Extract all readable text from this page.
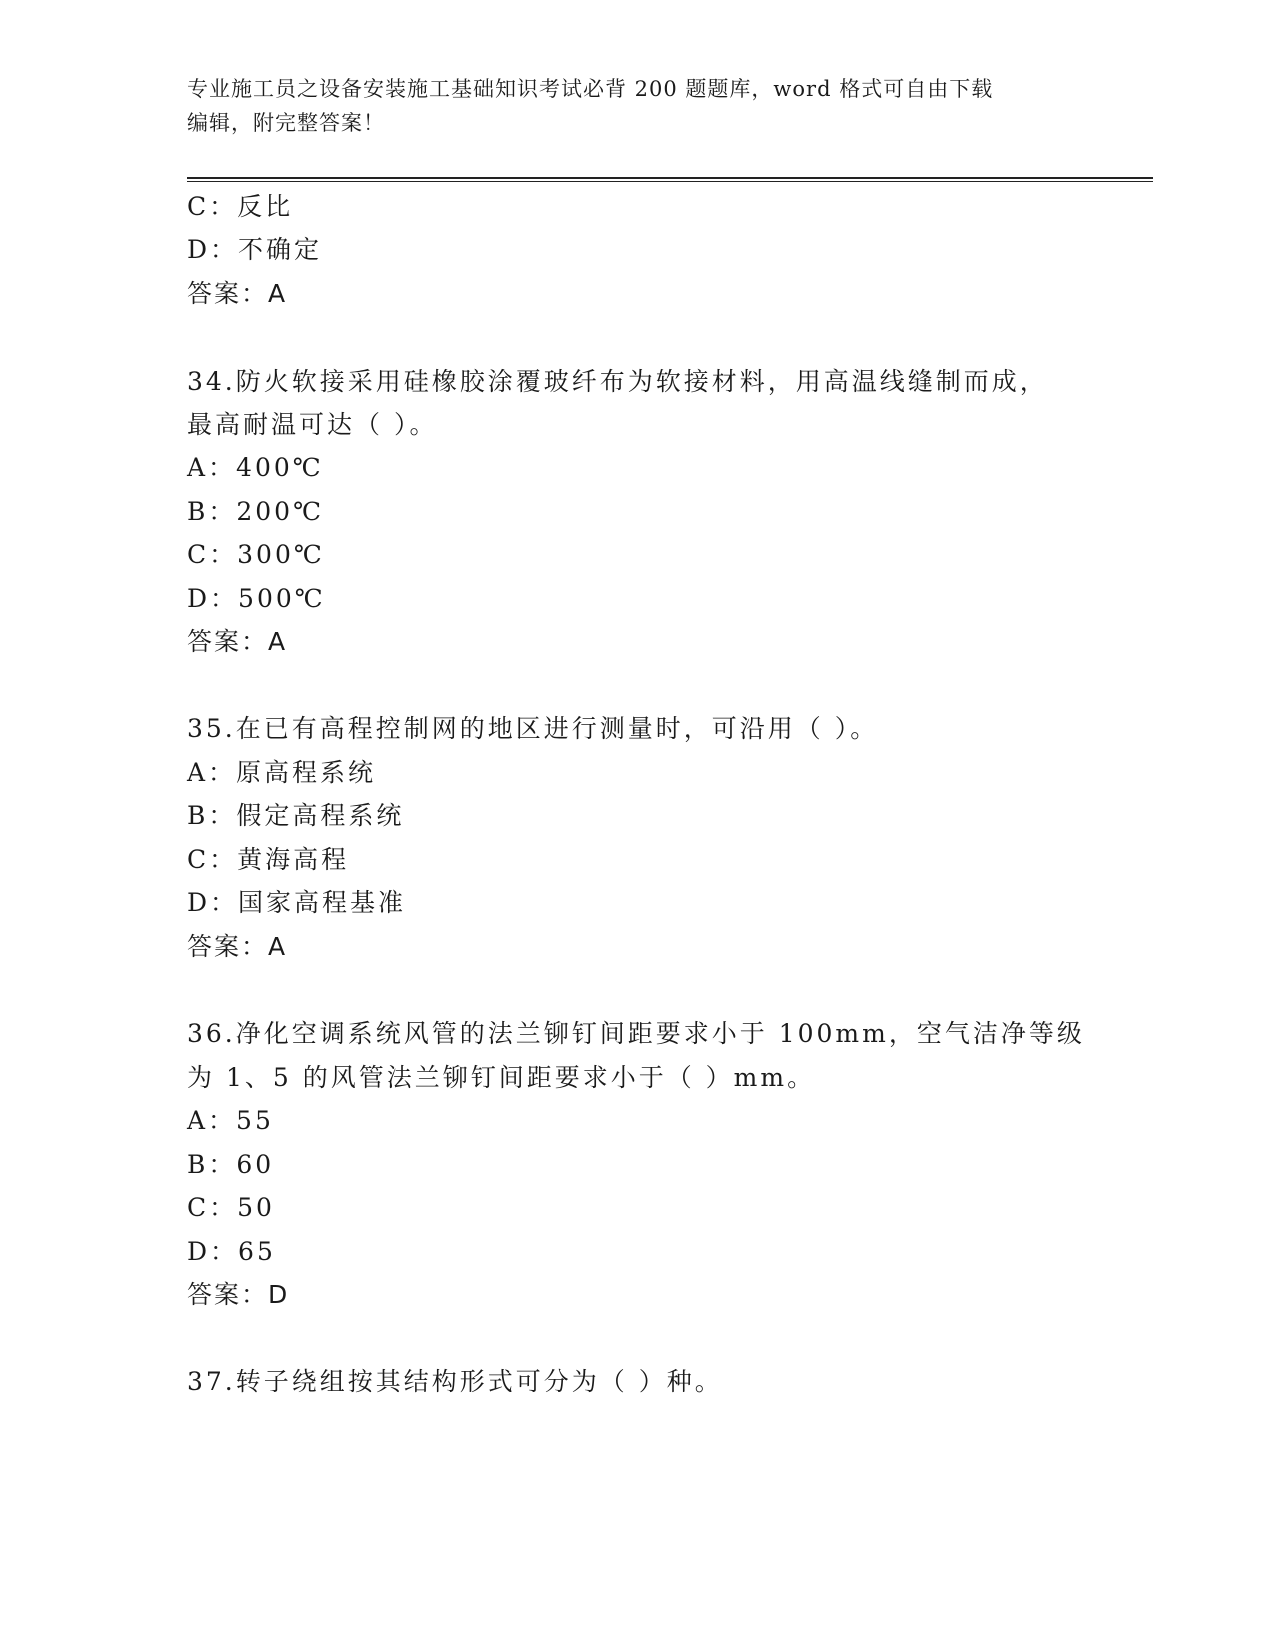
专业施工员之设备安装施工基础知识考试必背 200 题题库，word 格式可自由下载
编辑，附完整答案！
C：反比
D：不确定
答案：A
34.防火软接采用硅橡胶涂覆玻纤布为软接材料，用高温线缝制而成，
最高耐温可达（ ）。
A：400℃
B：200℃
C：300℃
D：500℃
答案：A
35.在已有高程控制网的地区进行测量时，可沿用（ ）。
A：原高程系统
B：假定高程系统
C：黄海高程
D：国家高程基准
答案：A
36.净化空调系统风管的法兰铆钉间距要求小于 100mm，空气洁净等级
为 1、5 的风管法兰铆钉间距要求小于（ ）mm。
A：55
B：60
C：50
D：65
答案：D
37.转子绕组按其结构形式可分为（ ）种。
